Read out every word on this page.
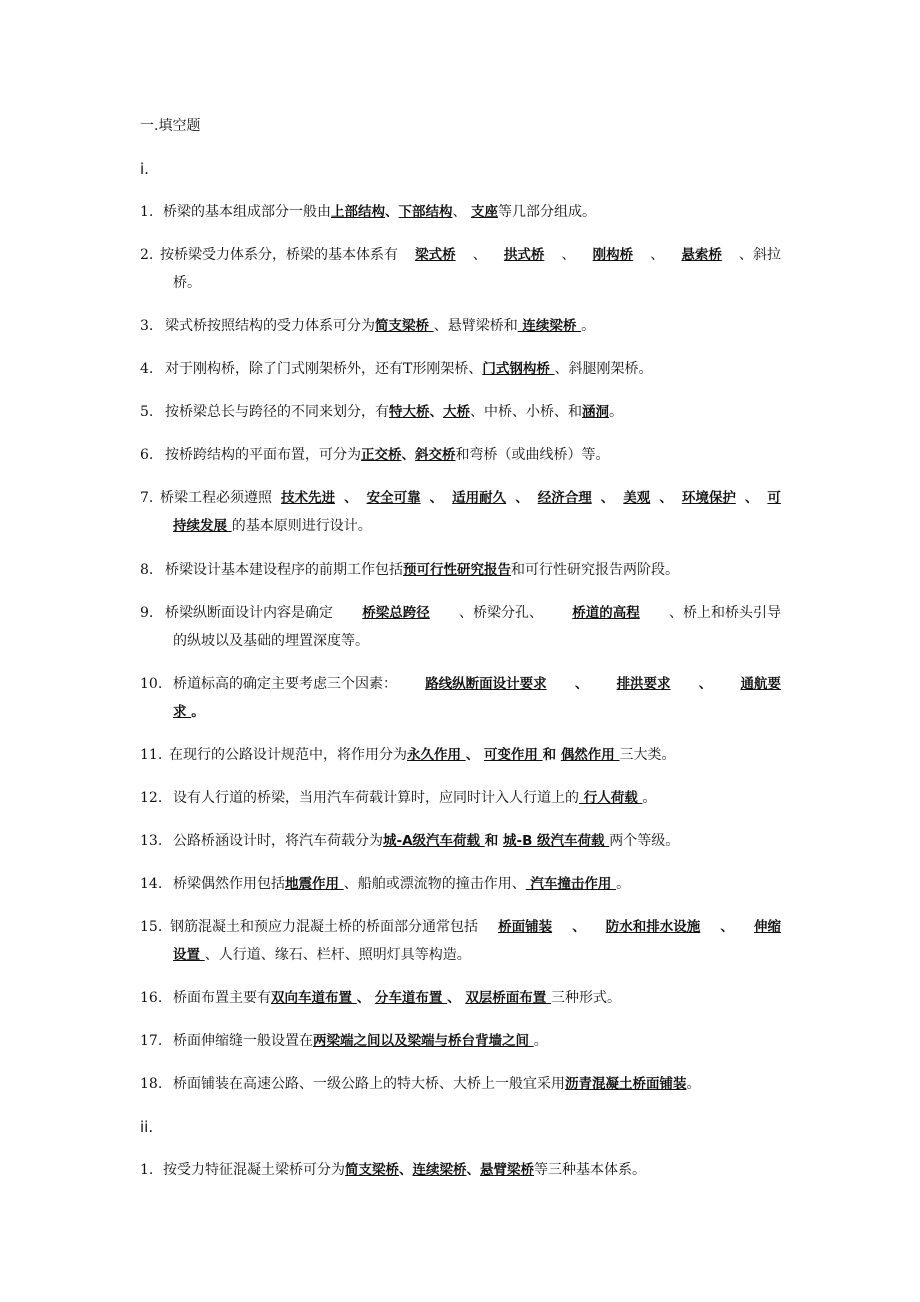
一.填空题
i.
1. 桥梁的基本组成部分一般由上部结构、下部结构、 支座等几部分组成。
2. 按桥梁受力体系分，桥梁的基本体系有 梁式桥 、 拱式桥 、 刚构桥 、 悬索桥 、斜拉
桥。
3. 梁式桥按照结构的受力体系可分为简支梁桥 、悬臂梁桥和 连续梁桥 。
4. 对于刚构桥，除了门式刚架桥外，还有T形刚架桥、门式钢构桥 、斜腿刚架桥。
5. 按桥梁总长与跨径的不同来划分，有特大桥、大桥、中桥、小桥、和涵洞。
6. 按桥跨结构的平面布置，可分为正交桥、斜交桥和弯桥（或曲线桥）等。
7. 桥梁工程必须遵照 技术先进 、 安全可靠 、 适用耐久 、 经济合理 、 美观 、 环境保护 、 可
持续发展 的基本原则进行设计。
8. 桥梁设计基本建设程序的前期工作包括预可行性研究报告和可行性研究报告两阶段。
9. 桥梁纵断面设计内容是确定 桥梁总跨径 、桥梁分孔、 桥道的高程 、桥上和桥头引导
的纵坡以及基础的埋置深度等。
10. 桥道标高的确定主要考虑三个因素： 路线纵断面设计要求 、 排洪要求 、 通航要
求 。
11. 在现行的公路设计规范中，将作用分为永久作用 、 可变作用 和 偶然作用 三大类。
12. 设有人行道的桥梁，当用汽车荷载计算时，应同时计入人行道上的 行人荷载 。
13. 公路桥涵设计时，将汽车荷载分为城-A级汽车荷载 和 城-B 级汽车荷载 两个等级。
14. 桥梁偶然作用包括地震作用 、船舶或漂流物的撞击作用、 汽车撞击作用 。
15. 钢筋混凝土和预应力混凝土桥的桥面部分通常包括 桥面铺装 、 防水和排水设施 、 伸缩
设置 、人行道、缘石、栏杆、照明灯具等构造。
16. 桥面布置主要有双向车道布置 、 分车道布置 、 双层桥面布置 三种形式。
17. 桥面伸缩缝一般设置在两梁端之间以及梁端与桥台背墙之间 。
18. 桥面铺装在高速公路、一级公路上的特大桥、大桥上一般宜采用沥青混凝土桥面铺装。
ii.
1. 按受力特征混凝土梁桥可分为简支梁桥、连续梁桥、悬臂梁桥等三种基本体系。
